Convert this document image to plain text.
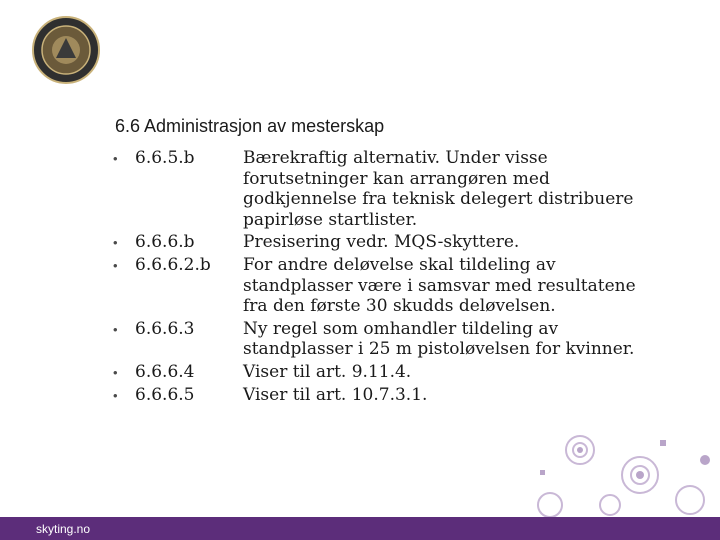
6.6 Administrasjon av mesterskap
• 6.6.5.b	Bærekraftig alternativ. Under visse
forutsetninger kan arrangøren med
godkjennelse fra teknisk delegert distribuere
papirløse startlister.
• 6.6.6.b	Presisering vedr. MQS-skyttere.
• 6.6.6.2.b	For andre deløvelse skal tildeling av
standplasser være i samsvar med resultatene
fra den første 30 skudds deløvelsen.
• 6.6.6.3	Ny regel som omhandler tildeling av
standplasser i 25 m pistoløvelsen for kvinner.
• 6.6.6.4	Viser til art. 9.11.4.
• 6.6.6.5	Viser til art. 10.7.3.1.
skyting.no
